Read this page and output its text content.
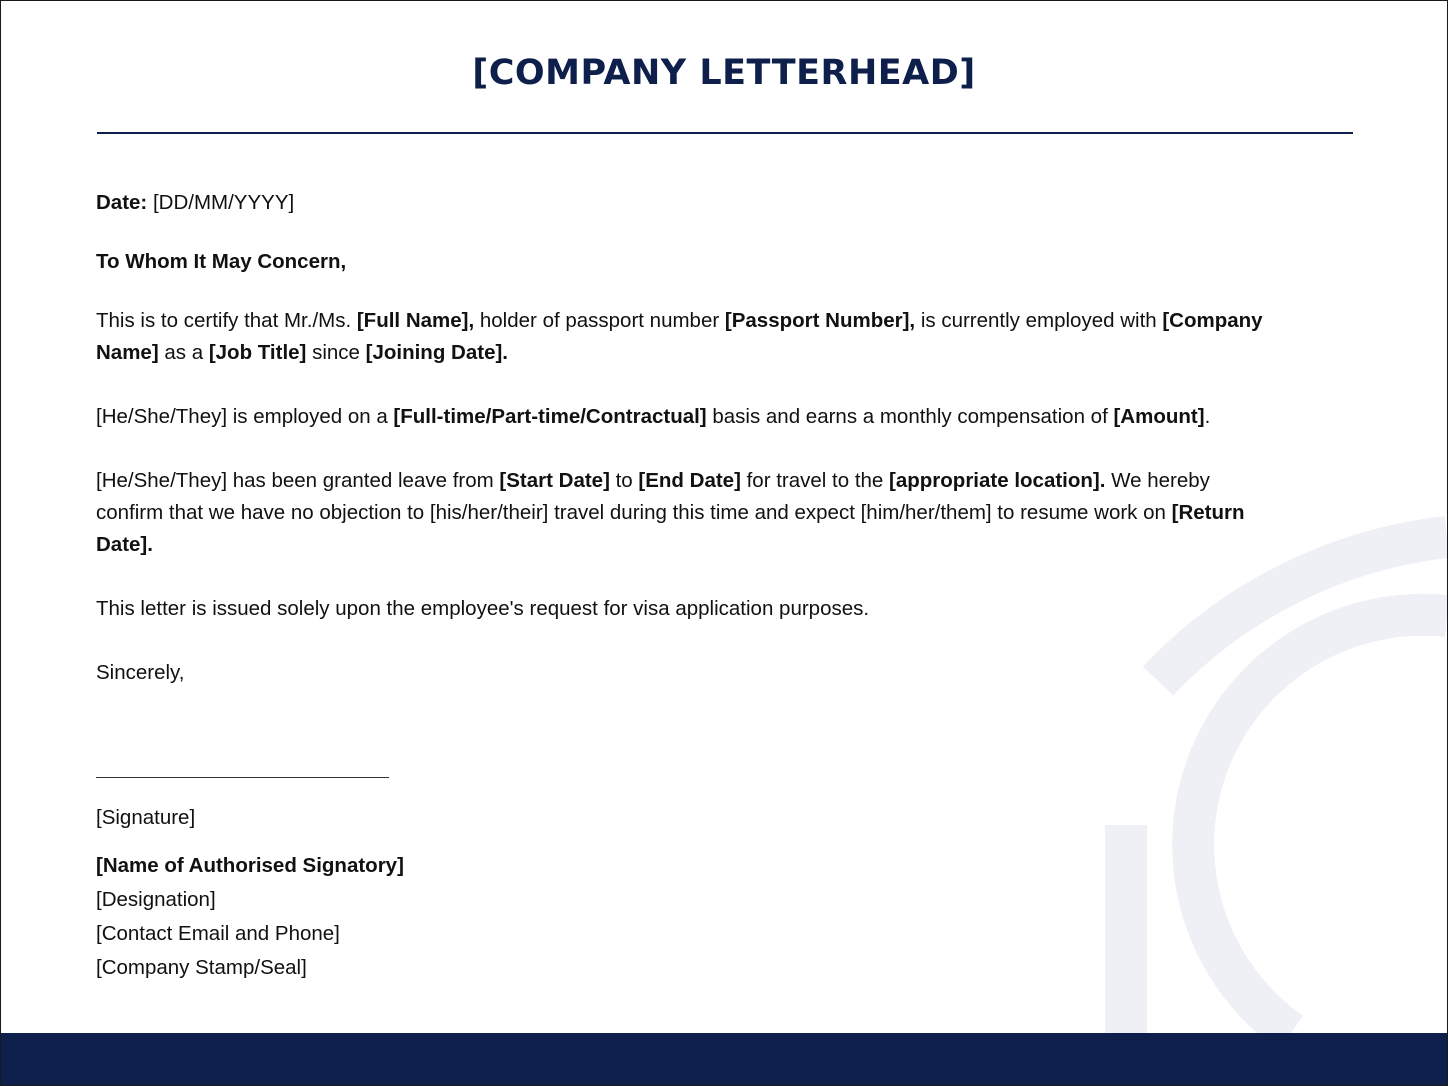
[COMPANY LETTERHEAD]

Date: [DD/MM/YYYY]

To Whom It May Concern,

This is to certify that Mr./Ms. [Full Name], holder of passport number [Passport Number], is currently employed with [Company Name] as a [Job Title] since [Joining Date].

[He/She/They] is employed on a [Full-time/Part-time/Contractual] basis and earns a monthly compensation of [Amount].

[He/She/They] has been granted leave from [Start Date] to [End Date] for travel to the [appropriate location]. We hereby confirm that we have no objection to [his/her/their] travel during this time and expect [him/her/them] to resume work on [Return Date].

This letter is issued solely upon the employee's request for visa application purposes.

Sincerely,

[Signature]

[Name of Authorised Signatory]

[Designation]

[Contact Email and Phone]

[Company Stamp/Seal]
